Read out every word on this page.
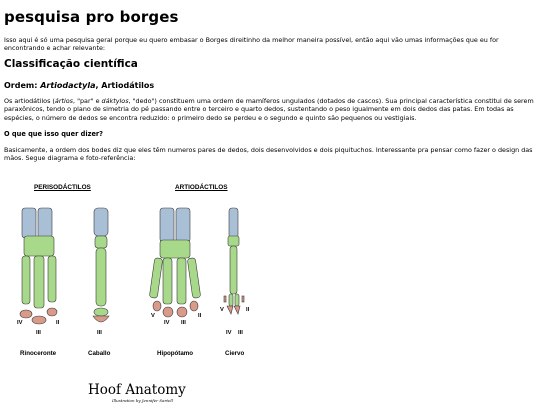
pesquisa pro borges

Isso aqui é só uma pesquisa geral porque eu quero embasar o Borges direitinho da melhor maneira possível, então aqui vão umas informações que eu for encontrando e achar relevante:

Classificação científica
Ordem: Artiodactyla, Artiodátilos

Os artiodátilos (ártios, "par" e dáktylos, "dedo") constituem uma ordem de mamíferos ungulados (dotados de cascos). Sua principal característica constitui de serem paraxônicos, tendo o plano de simetria do pé passando entre o terceiro e quarto dedos, sustentando o peso igualmente em dois dedos das patas. Em todas as espécies, o número de dedos se encontra reduzido: o primeiro dedo se perdeu e o segundo e quinto são pequenos ou vestigiais.

O que que isso quer dizer?

Basicamente, a ordem dos bodes diz que eles têm numeros pares de dedos, dois desenvolvidos e dois piquituchos. Interessante pra pensar como fazer o design das mãos. Segue diagrama e foto-referência:

PERISODÁCTILOS	ARTIODÁCTILOS
IV
III
II
III
V
IV III
II
V	II
IV III
Rinoceronte	Caballo	Hipopótamo	Ciervo
Hoof Anatomy
Illustration by Jennifer Sartell
